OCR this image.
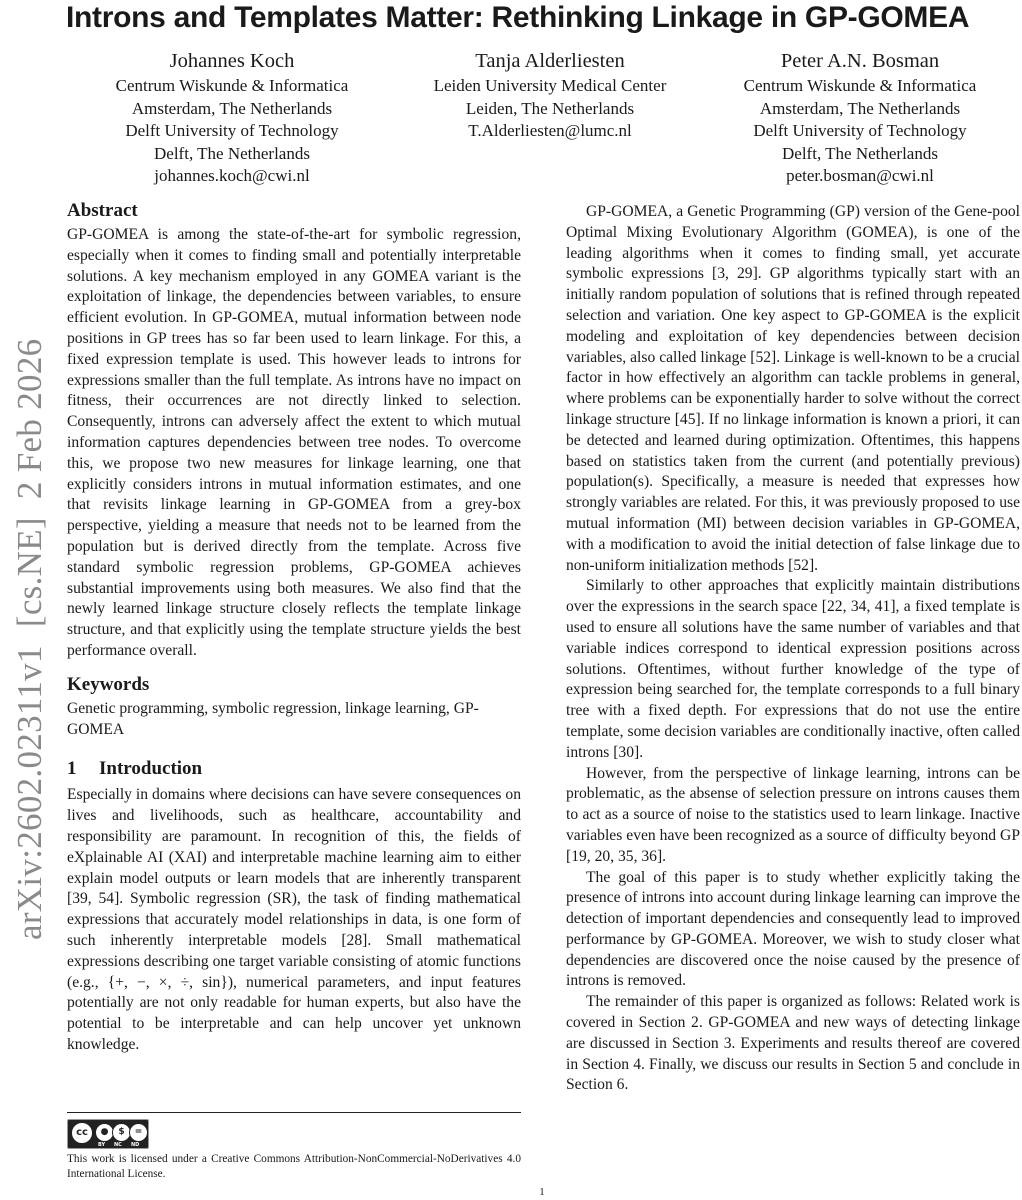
Introns and Templates Matter: Rethinking Linkage in GP-GOMEA
Johannes Koch
Centrum Wiskunde & Informatica
Amsterdam, The Netherlands
Delft University of Technology
Delft, The Netherlands
johannes.koch@cwi.nl
Tanja Alderliesten
Leiden University Medical Center
Leiden, The Netherlands
T.Alderliesten@lumc.nl
Peter A.N. Bosman
Centrum Wiskunde & Informatica
Amsterdam, The Netherlands
Delft University of Technology
Delft, The Netherlands
peter.bosman@cwi.nl
arXiv:2602.02311v1  [cs.NE]  2 Feb 2026
Abstract

GP-GOMEA is among the state-of-the-art for symbolic regression, especially when it comes to finding small and potentially interpretable solutions. A key mechanism employed in any GOMEA variant is the exploitation of linkage, the dependencies between variables, to ensure efficient evolution. In GP-GOMEA, mutual information between node positions in GP trees has so far been used to learn linkage. For this, a fixed expression template is used. This however leads to introns for expressions smaller than the full template. As introns have no impact on fitness, their occurrences are not directly linked to selection. Consequently, introns can adversely affect the extent to which mutual information captures dependencies between tree nodes. To overcome this, we propose two new measures for linkage learning, one that explicitly considers introns in mutual information estimates, and one that revisits linkage learning in GP-GOMEA from a grey-box perspective, yielding a measure that needs not to be learned from the population but is derived directly from the template. Across five standard symbolic regression problems, GP-GOMEA achieves substantial improvements using both measures. We also find that the newly learned linkage structure closely reflects the template linkage structure, and that explicitly using the template structure yields the best performance overall.

Keywords

Genetic programming, symbolic regression, linkage learning, GP-GOMEA

1 Introduction

Especially in domains where decisions can have severe consequences on lives and livelihoods, such as healthcare, accountability and responsibility are paramount. In recognition of this, the fields of eXplainable AI (XAI) and interpretable machine learning aim to either explain model outputs or learn models that are inherently transparent [39, 54]. Symbolic regression (SR), the task of finding mathematical expressions that accurately model relationships in data, is one form of such inherently interpretable models [28]. Small mathematical expressions describing one target variable consisting of atomic functions (e.g., {+, −, ×, ÷, sin}), numerical parameters, and input features potentially are not only readable for human experts, but also have the potential to be interpretable and can help uncover yet unknown knowledge.

GP-GOMEA, a Genetic Programming (GP) version of the Gene-pool Optimal Mixing Evolutionary Algorithm (GOMEA), is one of the leading algorithms when it comes to finding small, yet accurate symbolic expressions [3, 29]. GP algorithms typically start with an initially random population of solutions that is refined through repeated selection and variation. One key aspect to GP-GOMEA is the explicit modeling and exploitation of key dependencies between decision variables, also called linkage [52]. Linkage is well-known to be a crucial factor in how effectively an algorithm can tackle problems in general, where problems can be exponentially harder to solve without the correct linkage structure [45]. If no linkage information is known a priori, it can be detected and learned during optimization. Oftentimes, this happens based on statistics taken from the current (and potentially previous) population(s). Specifically, a measure is needed that expresses how strongly variables are related. For this, it was previously proposed to use mutual information (MI) between decision variables in GP-GOMEA, with a modification to avoid the initial detection of false linkage due to non-uniform initialization methods [52].

Similarly to other approaches that explicitly maintain distributions over the expressions in the search space [22, 34, 41], a fixed template is used to ensure all solutions have the same number of variables and that variable indices correspond to identical expression positions across solutions. Oftentimes, without further knowledge of the type of expression being searched for, the template corresponds to a full binary tree with a fixed depth. For expressions that do not use the entire template, some decision variables are conditionally inactive, often called introns [30].

However, from the perspective of linkage learning, introns can be problematic, as the absense of selection pressure on introns causes them to act as a source of noise to the statistics used to learn linkage. Inactive variables even have been recognized as a source of difficulty beyond GP [19, 20, 35, 36].

The goal of this paper is to study whether explicitly taking the presence of introns into account during linkage learning can improve the detection of important dependencies and consequently lead to improved performance by GP-GOMEA. Moreover, we wish to study closer what dependencies are discovered once the noise caused by the presence of introns is removed.

The remainder of this paper is organized as follows: Related work is covered in Section 2. GP-GOMEA and new ways of detecting linkage are discussed in Section 3. Experiments and results thereof are covered in Section 4. Finally, we discuss our results in Section 5 and conclude in Section 6.

cc	●	$	=
BY NC ND
This work is licensed under a Creative Commons Attribution-NonCommercial-NoDerivatives 4.0 International License.
1
